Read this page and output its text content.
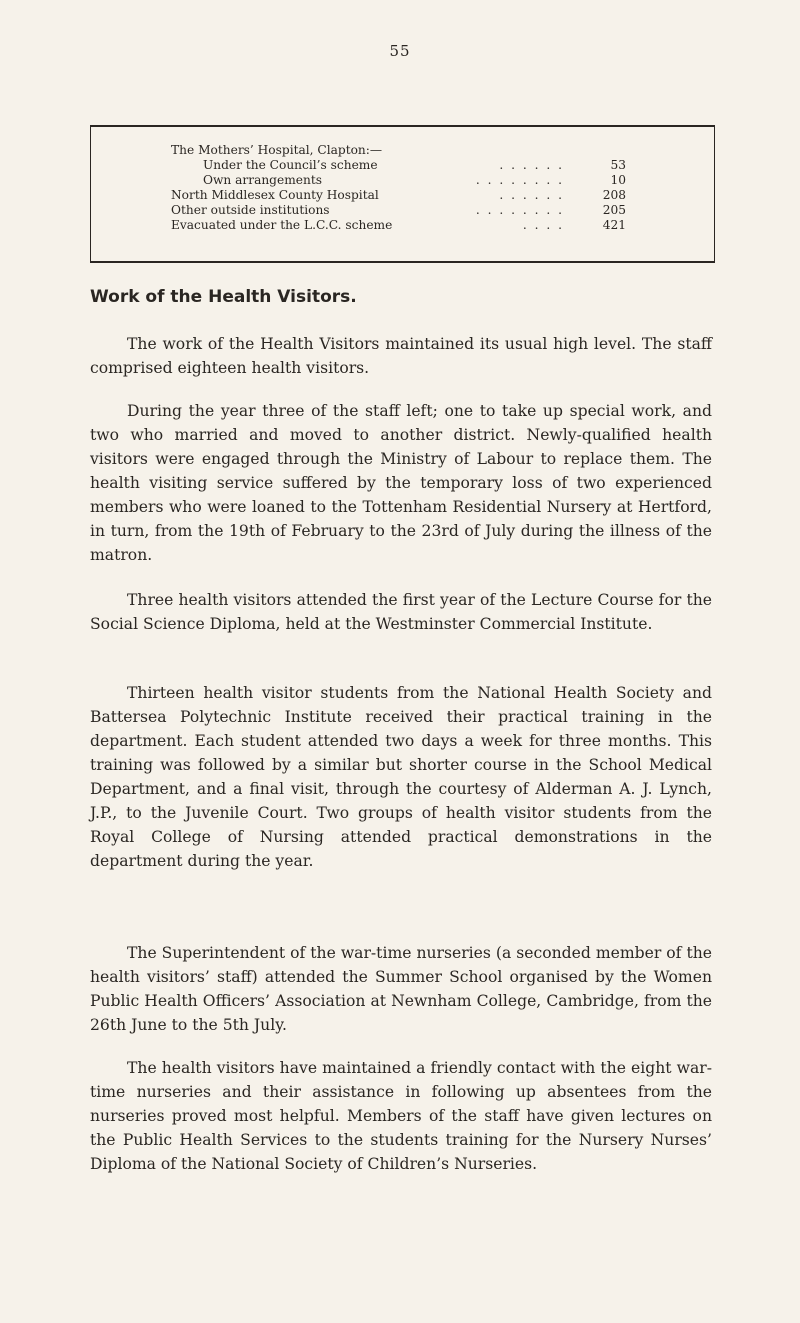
55
The Mothers’ Hospital, Clapton:—
Under the Council’s scheme	. . . . . .	53
Own arrangements	. . . . . . . .	10
North Middlesex County Hospital	. . . . . .	208
Other outside institutions	. . . . . . . .	205
Evacuated under the L.C.C. scheme	. . . .	421
Work of the Health Visitors.

The work of the Health Visitors maintained its usual high level. The staff comprised eighteen health visitors.

During the year three of the staff left; one to take up special work, and two who married and moved to another district. Newly-qualified health visitors were engaged through the Ministry of Labour to replace them. The health visiting service suffered by the temporary loss of two experienced members who were loaned to the Tottenham Residential Nursery at Hertford, in turn, from the 19th of February to the 23rd of July during the illness of the matron.

Three health visitors attended the first year of the Lecture Course for the Social Science Diploma, held at the Westminster Commercial Institute.

Thirteen health visitor students from the National Health Society and Battersea Polytechnic Institute received their practical training in the department. Each student attended two days a week for three months. This training was followed by a similar but shorter course in the School Medical Department, and a final visit, through the courtesy of Alderman A. J. Lynch, J.P., to the Juvenile Court. Two groups of health visitor students from the Royal College of Nursing attended practical demonstrations in the department during the year.

The Superintendent of the war-time nurseries (a seconded member of the health visitors’ staff) attended the Summer School organised by the Women Public Health Officers’ Association at Newnham College, Cambridge, from the 26th June to the 5th July.

The health visitors have maintained a friendly contact with the eight war-time nurseries and their assistance in following up absentees from the nurseries proved most helpful. Members of the staff have given lectures on the Public Health Services to the students training for the Nursery Nurses’ Diploma of the National Society of Children’s Nurseries.
